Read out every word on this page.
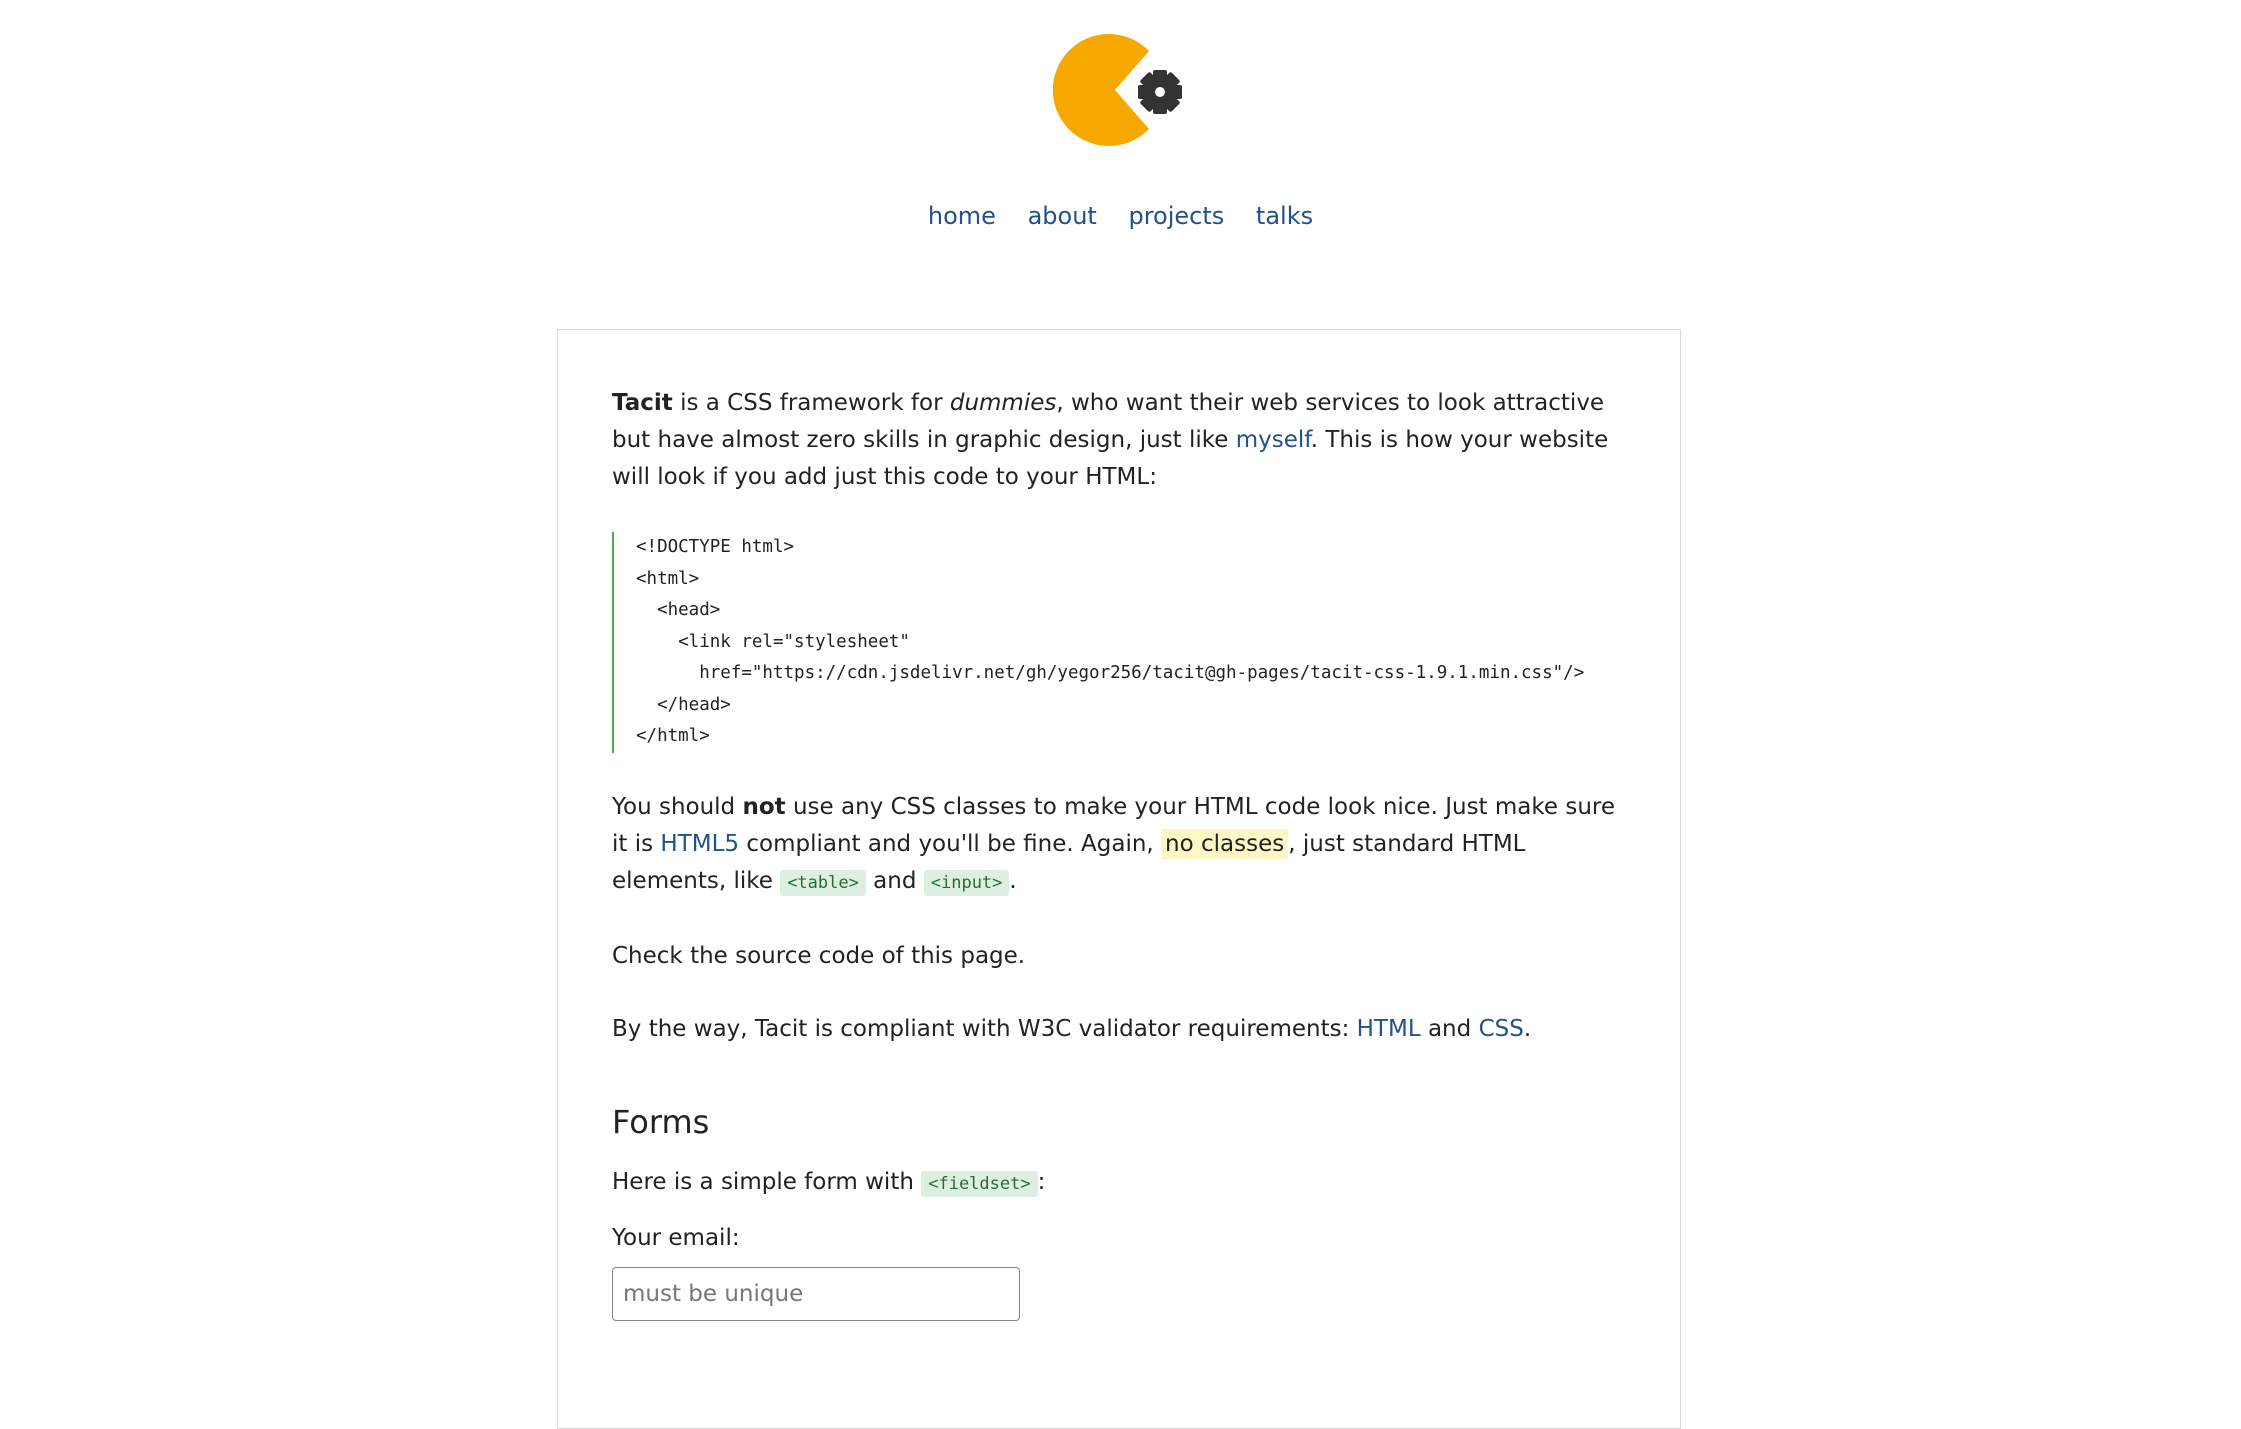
home about projects talks

Tacit is a CSS framework for dummies, who want their web services to look attractive but have almost zero skills in graphic design, just like myself. This is how your website will look if you add just this code to your HTML:

<!DOCTYPE html>
<html>
<head>
<link rel="stylesheet"
href="https://cdn.jsdelivr.net/gh/yegor256/tacit@gh-pages/tacit-css-1.9.1.min.css"/>
</head>
</html>

You should not use any CSS classes to make your HTML code look nice. Just make sure it is HTML5 compliant and you'll be fine. Again, no classes , just standard HTML elements, like <table> and <input> .

Check the source code of this page.

By the way, Tacit is compliant with W3C validator requirements: HTML and CSS.

Forms

Here is a simple form with <fieldset> :

Your email:
must be unique
